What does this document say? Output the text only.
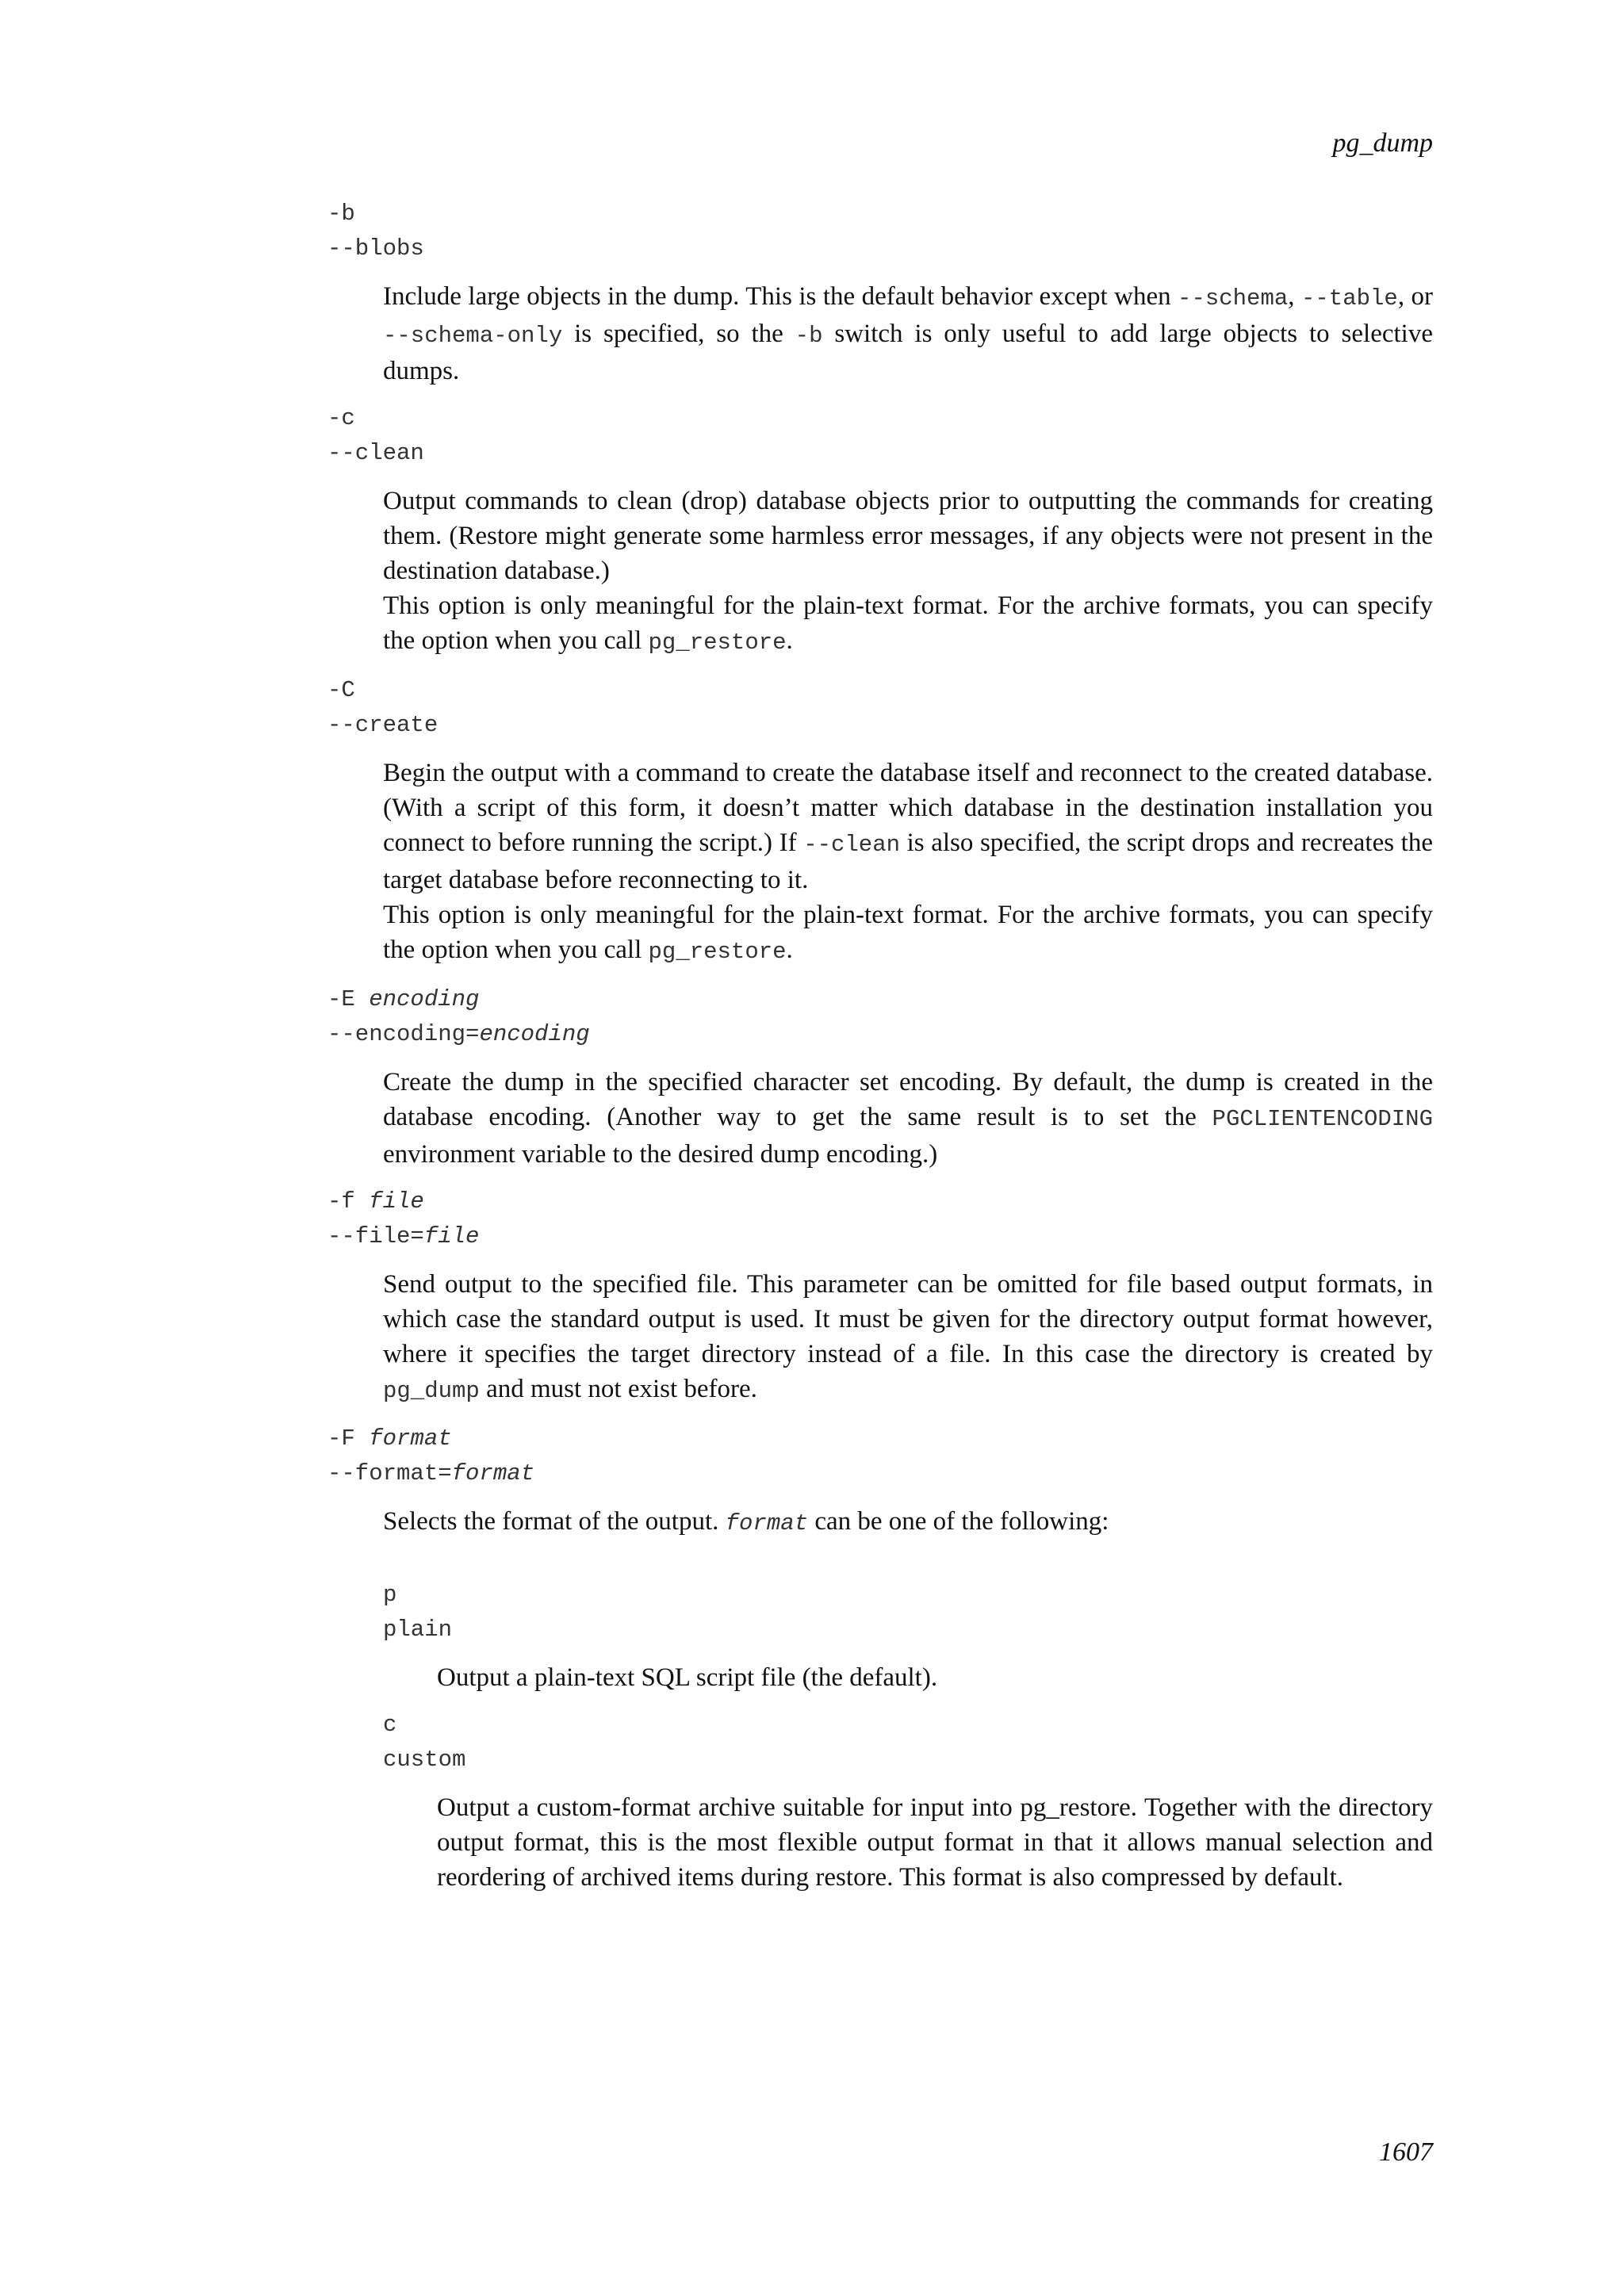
pg_dump
-b
--blobs

Include large objects in the dump. This is the default behavior except when --schema, --table, or --schema-only is specified, so the -b switch is only useful to add large objects to selective dumps.

-c
--clean

Output commands to clean (drop) database objects prior to outputting the commands for creating them. (Restore might generate some harmless error messages, if any objects were not present in the destination database.)

This option is only meaningful for the plain-text format. For the archive formats, you can specify the option when you call pg_restore.

-C
--create

Begin the output with a command to create the database itself and reconnect to the created database. (With a script of this form, it doesn’t matter which database in the destination installation you connect to before running the script.) If --clean is also specified, the script drops and recreates the target database before reconnecting to it.

This option is only meaningful for the plain-text format. For the archive formats, you can specify the option when you call pg_restore.

-E encoding
--encoding=encoding

Create the dump in the specified character set encoding. By default, the dump is created in the database encoding. (Another way to get the same result is to set the PGCLIENTENCODING environment variable to the desired dump encoding.)

-f file
--file=file

Send output to the specified file. This parameter can be omitted for file based output formats, in which case the standard output is used. It must be given for the directory output format however, where it specifies the target directory instead of a file. In this case the directory is created by pg_dump and must not exist before.

-F format
--format=format

Selects the format of the output. format can be one of the following:

p
plain
Output a plain-text SQL script file (the default).
c
custom
Output a custom-format archive suitable for input into pg_restore. Together with the directory output format, this is the most flexible output format in that it allows manual selection and reordering of archived items during restore. This format is also compressed by default.
1607
